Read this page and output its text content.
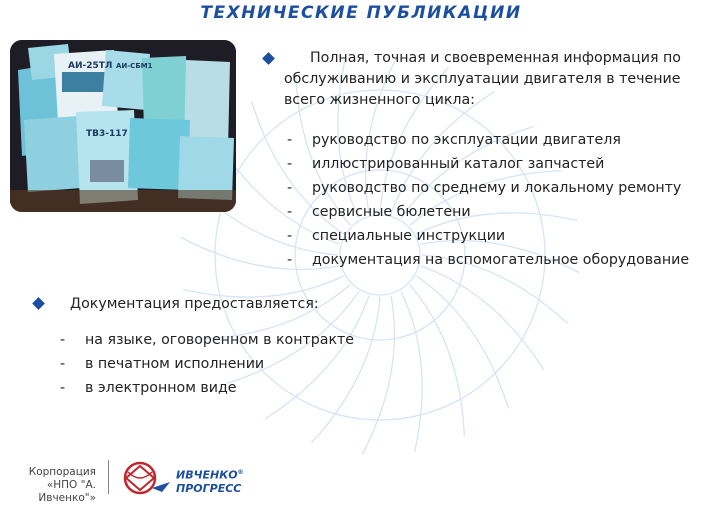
ТЕХНИЧЕСКИЕ ПУБЛИКАЦИИ
АИ-25ТЛ АИ-СБМ1
ТВ3-117
Полная, точная и своевременная информация по
обслуживанию и эксплуатации двигателя в течение
всего жизненного цикла:
- руководство по эксплуатации двигателя
- иллюстрированный каталог запчастей
- руководство по среднему и локальному ремонту
- сервисные бюлетени
- специальные инструкции
- документация на вспомогательное оборудование
Документация предоставляется:
- на языке, оговоренном в контракте
- в печатном исполнении
- в электронном виде
Корпорация
«НПО "А. Ивченко"»
ИВЧЕНКО®
ПРОГРЕСС
